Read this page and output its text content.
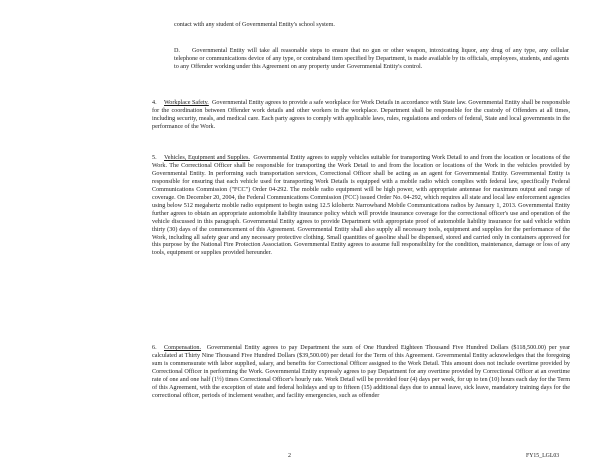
contact with any student of Governmental Entity's school system.

D.	Governmental Entity will take all reasonable steps to ensure that no gun or other weapon, intoxicating liquor, any drug of any type, any cellular telephone or communications device of any type, or contraband item specified by Department, is made available by its officials, employees, students, and agents to any Offender working under this Agreement on any property under Governmental Entity's control.
4.	Workplace Safety. Governmental Entity agrees to provide a safe workplace for Work Details in accordance with State law. Governmental Entity shall be responsible for the coordination between Offender work details and other workers in the workplace. Department shall be responsible for the custody of Offenders at all times, including security, meals, and medical care. Each party agrees to comply with applicable laws, rules, regulations and orders of federal, State and local governments in the performance of the Work.
5.	Vehicles, Equipment and Supplies. Governmental Entity agrees to supply vehicles suitable for transporting Work Detail to and from the location or locations of the Work. The Correctional Officer shall be responsible for transporting the Work Detail to and from the location or locations of the Work in the vehicles provided by Governmental Entity. In performing such transportation services, Correctional Officer shall be acting as an agent for Governmental Entity. Governmental Entity is responsible for ensuring that each vehicle used for transporting Work Details is equipped with a mobile radio which complies with federal law, specifically Federal Communications Commission ("FCC") Order 04-292. The mobile radio equipment will be high power, with appropriate antennae for maximum output and range of coverage. On December 20, 2004, the Federal Communications Commission (FCC) issued Order No. 04-292, which requires all state and local law enforcement agencies using below 512 megahertz mobile radio equipment to begin using 12.5 kilohertz Narrowband Mobile Communications radios by January 1, 2013. Governmental Entity further agrees to obtain an appropriate automobile liability insurance policy which will provide insurance coverage for the correctional officer's use and operation of the vehicle discussed in this paragraph. Governmental Entity agrees to provide Department with appropriate proof of automobile liability insurance for said vehicle within thirty (30) days of the commencement of this Agreement. Governmental Entity shall also supply all necessary tools, equipment and supplies for the performance of the Work, including all safety gear and any necessary protective clothing. Small quantities of gasoline shall be dispensed, stored and carried only in containers approved for this purpose by the National Fire Protection Association. Governmental Entity agrees to assume full responsibility for the condition, maintenance, damage or loss of any tools, equipment or supplies provided hereunder.
6.	Compensation. Governmental Entity agrees to pay Department the sum of One Hundred Eighteen Thousand Five Hundred Dollars ($118,500.00) per year calculated at Thirty Nine Thousand Five Hundred Dollars ($39,500.00) per detail for the Term of this Agreement. Governmental Entity acknowledges that the foregoing sum is commensurate with labor supplied, salary, and benefits for Correctional Officer assigned to the Work Detail. This amount does not include overtime provided by Correctional Officer in performing the Work. Governmental Entity expressly agrees to pay Department for any overtime provided by Correctional Officer at an overtime rate of one and one half (1½) times Correctional Officer's hourly rate. Work Detail will be provided four (4) days per week, for up to ten (10) hours each day for the Term of this Agreement, with the exception of state and federal holidays and up to fifteen (15) additional days due to annual leave, sick leave, mandatory training days for the correctional officer, periods of inclement weather, and facility emergencies, such as offender
2	FY15_LGL03
